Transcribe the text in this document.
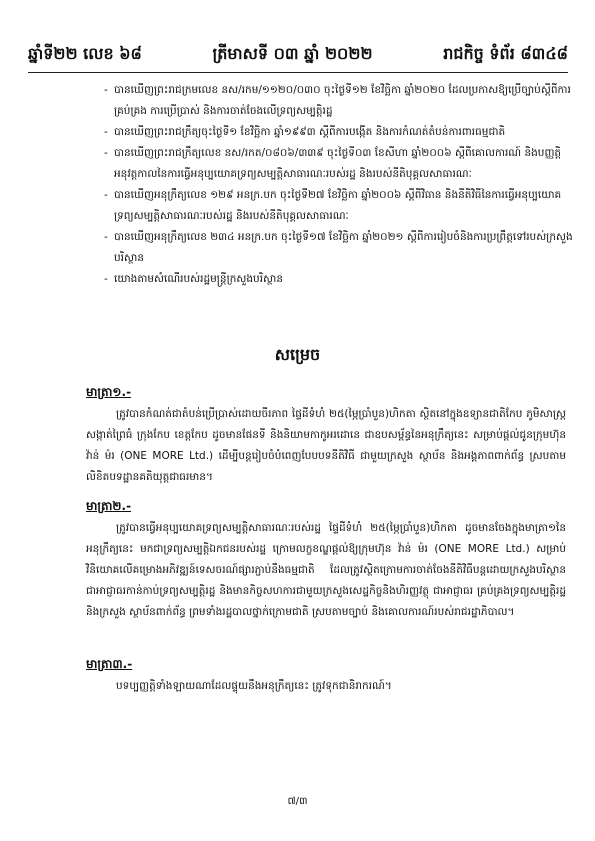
ឆ្នាំទី២២ លេខ ៦៨	ត្រីមាសទី ០៣ ឆ្នាំ ២០២២	រាជកិច្ច ទំព័រ ៨៣៤៨
- បានឃើញព្រះរាជក្រមលេខ នស/រកម/១១២០/០៣០ ចុះថ្ងៃទី១២ ខែវិច្ឆិកា ឆ្នាំ២០២០ ដែលប្រកាសឱ្យប្រើច្បាប់ស្តីពីការគ្រប់គ្រង ការប្រើប្រាស់ និងការចាត់ចែងលើទ្រព្យសម្បត្តិរដ្ឋ
- បានឃើញព្រះរាជក្រឹត្យចុះថ្ងៃទី១ ខែវិច្ឆិកា ឆ្នាំ១៩៩៣ ស្តីពីការបង្កើត និងការកំណត់តំបន់ការពារធម្មជាតិ
- បានឃើញព្រះរាជក្រឹត្យលេខ នស/រកត/០៨០៦/៣៣៩ ចុះថ្ងៃទី០៣ ខែសីហា ឆ្នាំ២០០៦ ស្តីពីគោលការណ៍ និងបញ្ញត្តិអនុវត្តកាលនៃការធ្វើអនុប្បយោគទ្រព្យសម្បត្តិសាធារណៈរបស់រដ្ឋ និងរបស់នីតិបុគ្គលសាធារណៈ
- បានឃើញអនុក្រឹត្យលេខ ១២៩ អនក្រ.បក ចុះថ្ងៃទី២៧ ខែវិច្ឆិកា ឆ្នាំ២០០៦ ស្តីពីវិធាន និងនីតិវិធីនៃការធ្វើអនុប្បយោគទ្រព្យសម្បត្តិសាធារណៈរបស់រដ្ឋ និងរបស់នីតិបុគ្គលសាធារណៈ
- បានឃើញអនុក្រឹត្យលេខ ២៣៤ អនក្រ.បក ចុះថ្ងៃទី១៧ ខែវិច្ឆិកា ឆ្នាំ២០២១ ស្តីពីការរៀបចំនិងការប្រព្រឹត្តទៅរបស់ក្រសួងបរិស្ថាន
- យោងតាមសំណើរបស់រដ្ឋមន្ត្រីក្រសួងបរិស្ថាន
សម្រេច
មាត្រា១.-

ត្រូវបានកំណត់ជាតំបន់ប្រើប្រាស់ដោយចីរភាព ផ្ទៃដីទំហំ ២៥(ម្ភៃប្រាំបួន)ហិកតា ស្ថិតនៅក្នុងឧទ្យានជាតិកែប ភូមិសាស្ត្រសង្កាត់ព្រៃធំ ក្រុងកែប ខេត្តកែប ដូចមានផែនទី និងនិយាមកាកូអរដោនេ ជាឧបសម្ព័ន្ធនៃអនុក្រឹត្យនេះ សម្រាប់ផ្តល់ជូនក្រុមហ៊ុន វ៉ាន់ ម៉រ (ONE MORE Ltd.) ដើម្បីបន្តរៀបចំបំពេញបែបបទនីតិវិធី ជាមួយក្រសួង ស្ថាប័ន និងអង្គភាពពាក់ព័ន្ធ ស្របតាមលិខិតបទដ្ឋានគតិយុត្តជាធរមាន។

មាត្រា២.-

ត្រូវបានធ្វើអនុប្បយោគទ្រព្យសម្បត្តិសាធារណៈរបស់រដ្ឋ ផ្ទៃដីទំហំ ២៥(ម្ភៃប្រាំបួន)ហិកតា ដូចមានចែងក្នុងមាត្រា១នៃអនុក្រឹត្យនេះ មកជាទ្រព្យសម្បត្តិឯកជនរបស់រដ្ឋ ក្រោមលក្ខខណ្ឌផ្តល់ឱ្យក្រុមហ៊ុន វ៉ាន់ ម៉រ (ONE MORE Ltd.) សម្រាប់វិនិយោគលើគម្រោងអភិវឌ្ឍន៍ទេសចរណ៍ផ្សារភ្ជាប់នឹងធម្មជាតិ ដែលត្រូវស្ថិតក្រោមការចាត់ចែងនីតិវិធីបន្តដោយក្រសួងបរិស្ថាន ជាអាជ្ញាធរកាន់កាប់ទ្រព្យសម្បត្តិរដ្ឋ និងមានកិច្ចសហការជាមួយក្រសួងសេដ្ឋកិច្ចនិងហិរញ្ញវត្ថុ ជាអាជ្ញាធរ គ្រប់គ្រងទ្រព្យសម្បត្តិរដ្ឋ និងក្រសួង ស្ថាប័នពាក់ព័ន្ធ ព្រមទាំងរដ្ឋបាលថ្នាក់ក្រោមជាតិ ស្របតាមច្បាប់ និងគោលការណ៍របស់រាជរដ្ឋាភិបាល។

មាត្រា៣.-

បទប្បញ្ញត្តិទាំងឡាយណាដែលផ្ទុយនឹងអនុក្រឹត្យនេះ ត្រូវទុកជានិរាករណ៍។

៧/៣
